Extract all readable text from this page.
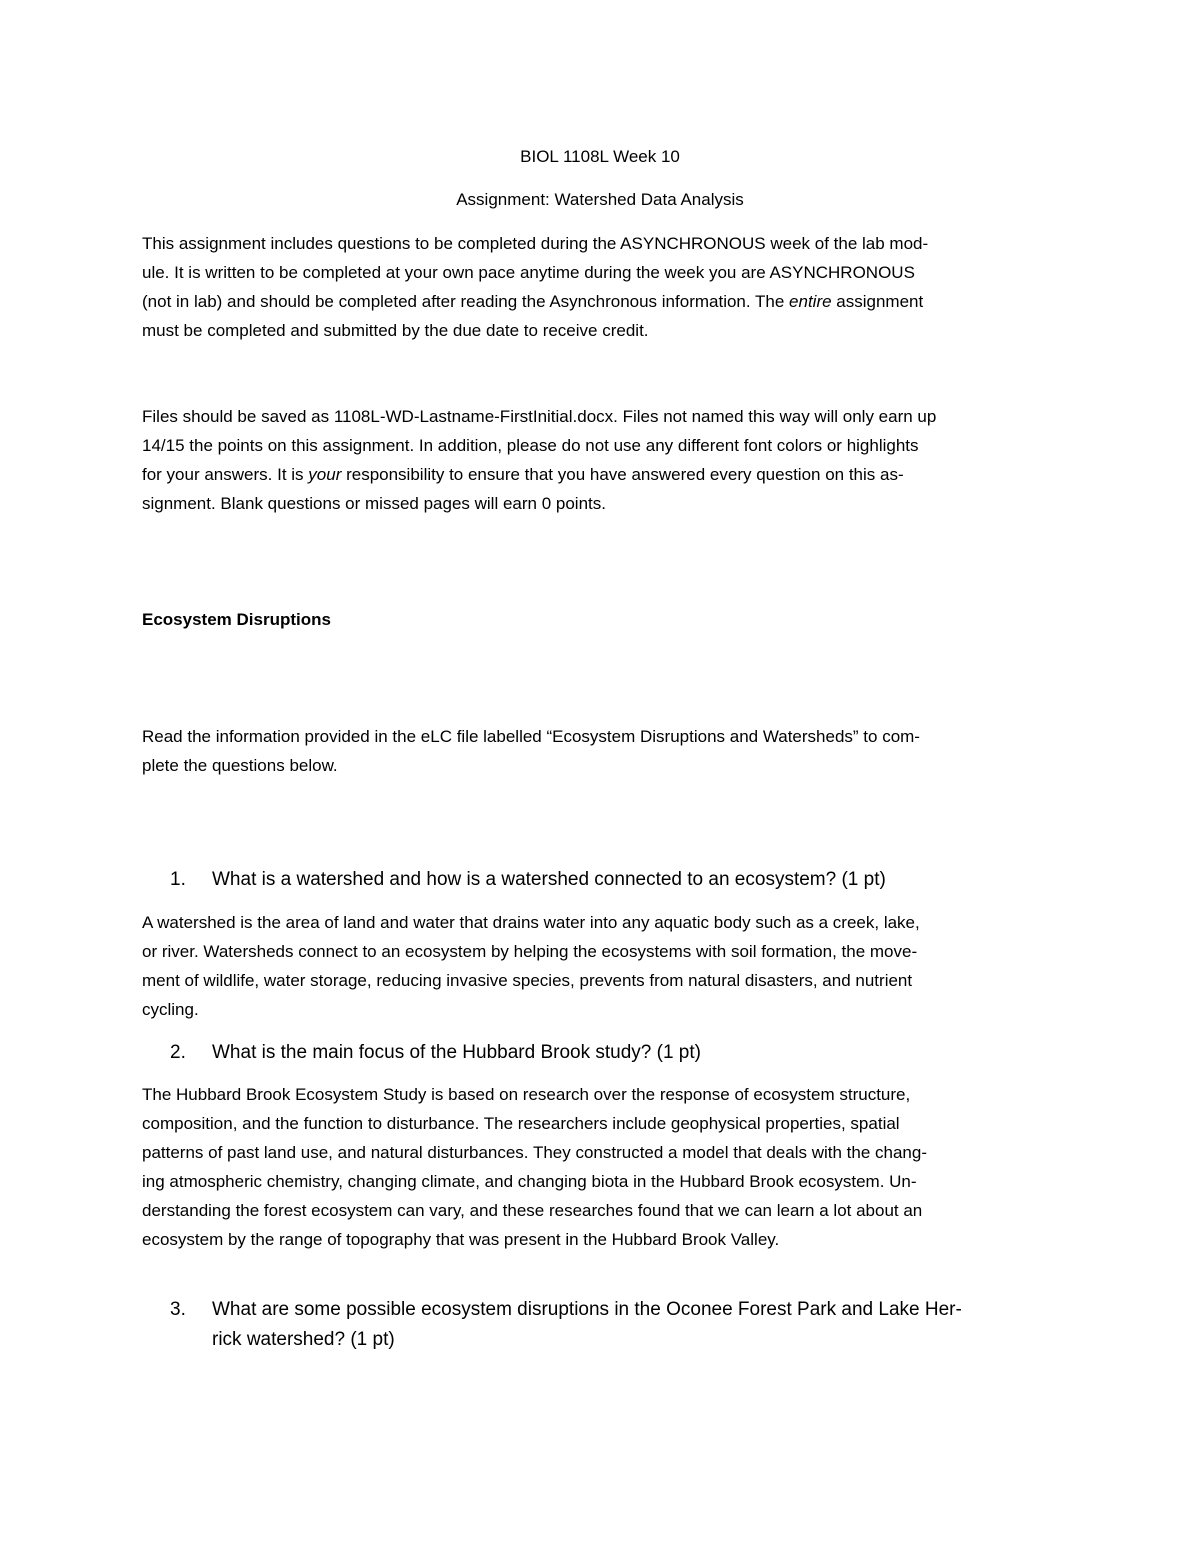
BIOL 1108L Week 10
Assignment: Watershed Data Analysis
This assignment includes questions to be completed during the ASYNCHRONOUS week of the lab mod-
ule. It is written to be completed at your own pace anytime during the week you are ASYNCHRONOUS
(not in lab) and should be completed after reading the Asynchronous information. The entire assignment
must be completed and submitted by the due date to receive credit.
Files should be saved as 1108L-WD-Lastname-FirstInitial.docx. Files not named this way will only earn up
14/15 the points on this assignment. In addition, please do not use any different font colors or highlights
for your answers. It is your responsibility to ensure that you have answered every question on this as-
signment. Blank questions or missed pages will earn 0 points.
Ecosystem Disruptions
Read the information provided in the eLC file labelled “Ecosystem Disruptions and Watersheds” to com-
plete the questions below.
1. What is a watershed and how is a watershed connected to an ecosystem? (1 pt)
A watershed is the area of land and water that drains water into any aquatic body such as a creek, lake,
or river. Watersheds connect to an ecosystem by helping the ecosystems with soil formation, the move-
ment of wildlife, water storage, reducing invasive species, prevents from natural disasters, and nutrient
cycling.
2. What is the main focus of the Hubbard Brook study? (1 pt)
The Hubbard Brook Ecosystem Study is based on research over the response of ecosystem structure,
composition, and the function to disturbance. The researchers include geophysical properties, spatial
patterns of past land use, and natural disturbances. They constructed a model that deals with the chang-
ing atmospheric chemistry, changing climate, and changing biota in the Hubbard Brook ecosystem. Un-
derstanding the forest ecosystem can vary, and these researches found that we can learn a lot about an
ecosystem by the range of topography that was present in the Hubbard Brook Valley.
3. What are some possible ecosystem disruptions in the Oconee Forest Park and Lake Her-
rick watershed? (1 pt)
